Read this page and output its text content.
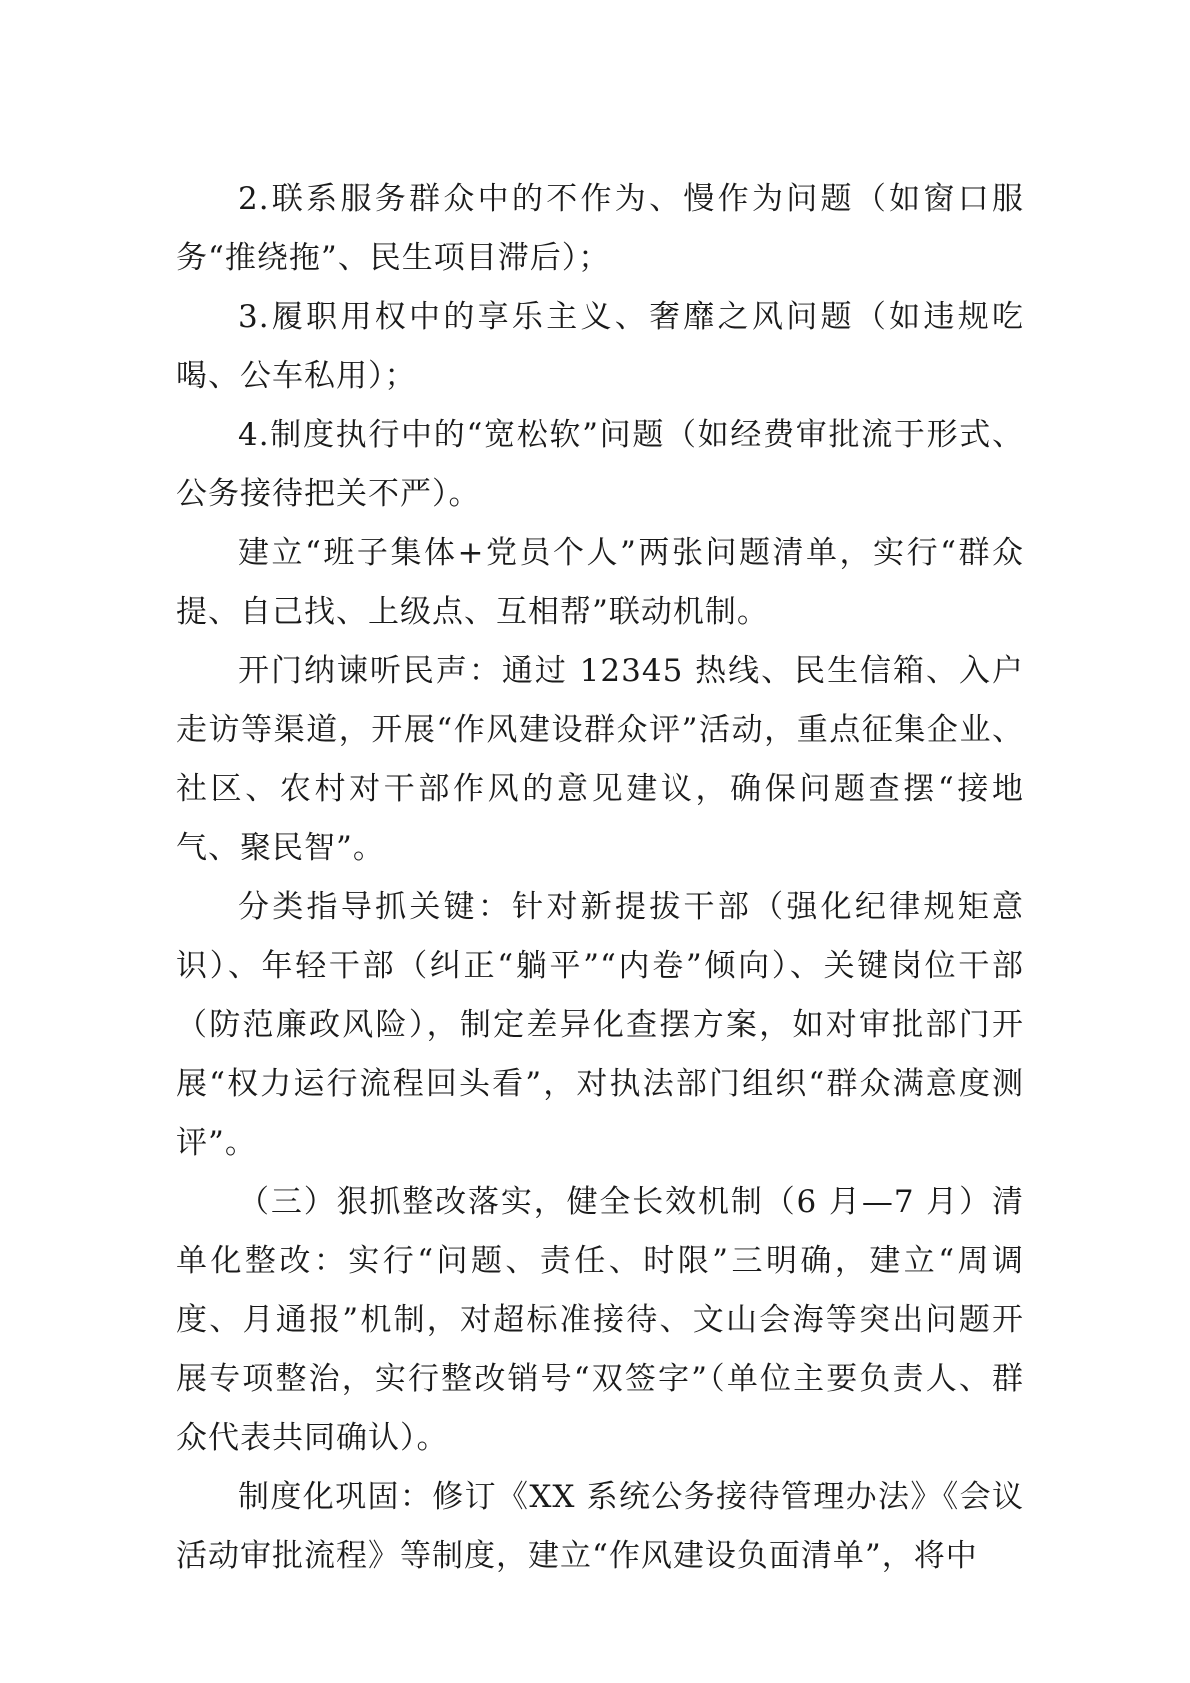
2.联系服务群众中的不作为、慢作为问题（如窗口服务“推绕拖”、民生项目滞后）；

3.履职用权中的享乐主义、奢靡之风问题（如违规吃喝、公车私用）；

4.制度执行中的“宽松软”问题（如经费审批流于形式、公务接待把关不严）。

建立“班子集体+党员个人”两张问题清单，实行“群众提、自己找、上级点、互相帮”联动机制。

开门纳谏听民声：通过 12345 热线、民生信箱、入户走访等渠道，开展“作风建设群众评”活动，重点征集企业、社区、农村对干部作风的意见建议，确保问题查摆“接地气、聚民智”。

分类指导抓关键：针对新提拔干部（强化纪律规矩意识）、年轻干部（纠正“躺平”“内卷”倾向）、关键岗位干部（防范廉政风险），制定差异化查摆方案，如对审批部门开展“权力运行流程回头看”，对执法部门组织“群众满意度测评”。

（三）狠抓整改落实，健全长效机制（6 月—7 月）清单化整改：实行“问题、责任、时限”三明确，建立“周调度、月通报”机制，对超标准接待、文山会海等突出问题开展专项整治，实行整改销号“双签字”（单位主要负责人、群众代表共同确认）。

制度化巩固：修订《XX 系统公务接待管理办法》《会议活动审批流程》等制度，建立“作风建设负面清单”，将中
